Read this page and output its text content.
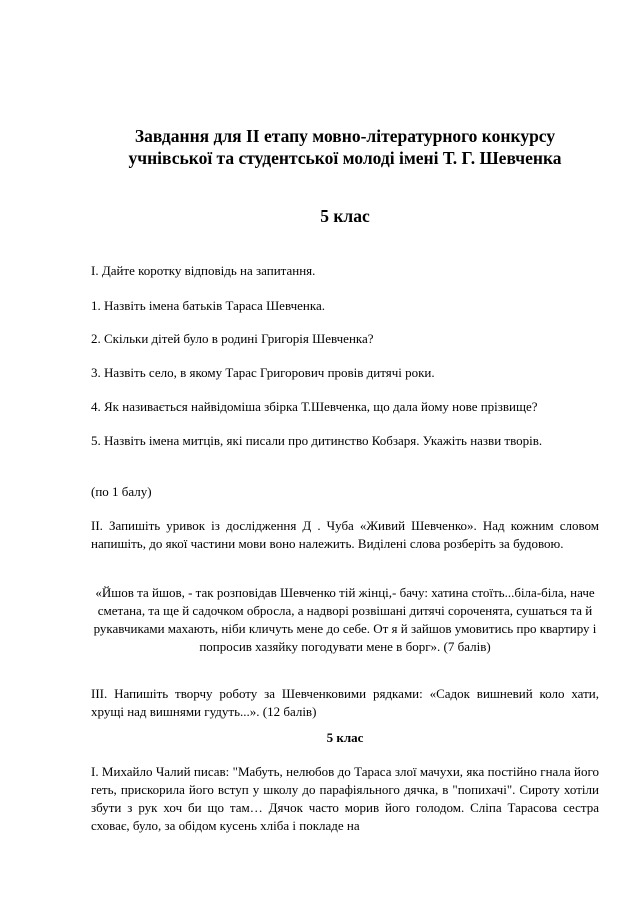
Завдання для ІІ етапу мовно-літературного конкурсу учнівської та студентської молоді імені Т. Г. Шевченка
5 клас

І. Дайте коротку відповідь на запитання.

1. Назвіть імена батьків Тараса Шевченка.

2. Скільки дітей було в родині Григорія Шевченка?

3. Назвіть село, в якому Тарас Григорович провів дитячі роки.

4. Як називається найвідоміша збірка Т.Шевченка, що дала йому нове прізвище?

5. Назвіть імена митців, які писали про дитинство Кобзаря. Укажіть назви творів.

(по 1 балу)

ІІ. Запишіть уривок із дослідження Д . Чуба «Живий Шевченко». Над кожним словом напишіть, до якої частини мови воно належить. Виділені слова розберіть за будовою.

«Йшов та йшов, - так розповідав Шевченко тій жінці,- бачу: хатина стоїть...біла-біла, наче сметана, та ще й садочком обросла, а надворі розвішані дитячі сороченята, сушаться та й рукавчиками махають, ніби кличуть мене до себе. От я й зайшов умовитись про квартиру і попросив хазяйку погодувати мене в борг». (7 балів)

ІІІ. Напишіть творчу роботу за Шевченковими рядками: «Садок вишневий коло хати, хрущі над вишнями гудуть...». (12 балів)

5 клас

І. Михайло Чалий писав: "Мабуть, нелюбов до Тараса злої мачухи, яка постійно гнала його геть, прискорила його вступ у школу до парафіяльного дячка, в "попихачі". Сироту хотіли збути з рук хоч би що там… Дячок часто морив його голодом. Сліпа Тарасова сестра сховає, було, за обідом кусень хліба і покладе на
